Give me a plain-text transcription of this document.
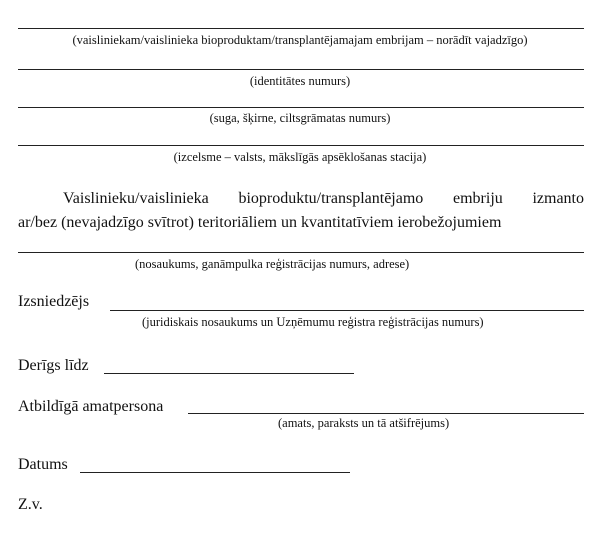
(vaisliniekam/vaislinieka bioproduktam/transplantējamajam embrijam – norādīt vajadzīgo)
(identitātes numurs)
(suga, šķirne, ciltsgrāmatas numurs)
(izcelsme – valsts, mākslīgās apsēklošanas stacija)
Vaislinieku/vaislinieka bioproduktu/transplantējamo embriju izmanto
ar/bez (nevajadzīgo svītrot) teritoriāliem un kvantitatīviem ierobežojumiem
(nosaukums, ganāmpulka reģistrācijas numurs, adrese)
Izsniedzējs
(juridiskais nosaukums un Uzņēmumu reģistra reģistrācijas numurs)
Derīgs līdz
Atbildīgā amatpersona
(amats, paraksts un tā atšifrējums)
Datums
Z.v.
